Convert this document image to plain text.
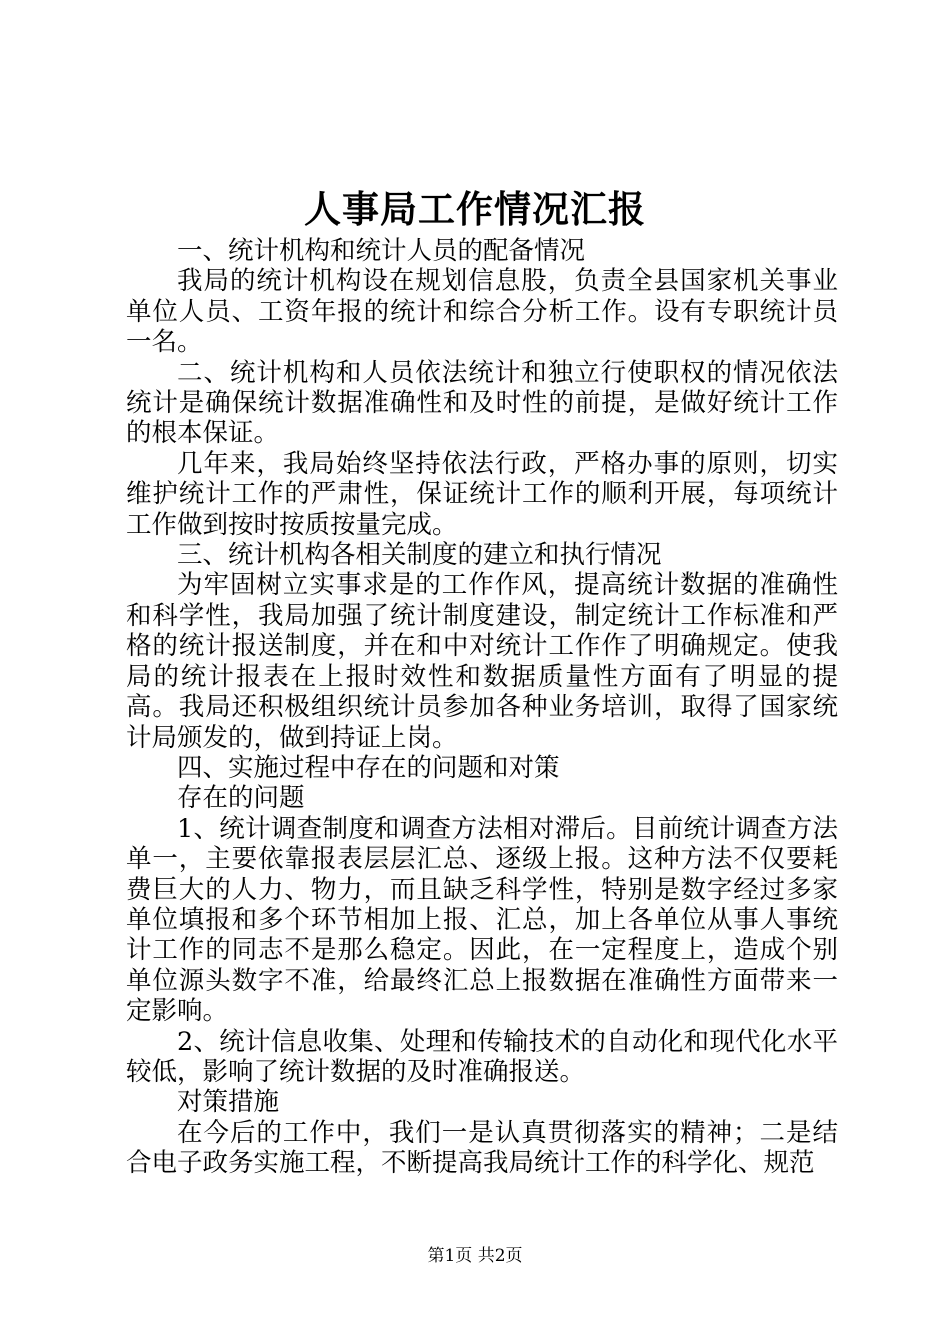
人事局工作情况汇报

一、统计机构和统计人员的配备情况

我局的统计机构设在规划信息股，负责全县国家机关事业单位人员、工资年报的统计和综合分析工作。设有专职统计员一名。

二、统计机构和人员依法统计和独立行使职权的情况依法统计是确保统计数据准确性和及时性的前提，是做好统计工作的根本保证。

几年来，我局始终坚持依法行政，严格办事的原则，切实维护统计工作的严肃性，保证统计工作的顺利开展，每项统计工作做到按时按质按量完成。

三、统计机构各相关制度的建立和执行情况

为牢固树立实事求是的工作作风，提高统计数据的准确性和科学性，我局加强了统计制度建设，制定统计工作标准和严格的统计报送制度，并在和中对统计工作作了明确规定。使我局的统计报表在上报时效性和数据质量性方面有了明显的提高。我局还积极组织统计员参加各种业务培训，取得了国家统计局颁发的，做到持证上岗。

四、实施过程中存在的问题和对策

存在的问题

1、统计调查制度和调查方法相对滞后。目前统计调查方法单一，主要依靠报表层层汇总、逐级上报。这种方法不仅要耗费巨大的人力、物力，而且缺乏科学性，特别是数字经过多家单位填报和多个环节相加上报、汇总，加上各单位从事人事统计工作的同志不是那么稳定。因此，在一定程度上，造成个别单位源头数字不准，给最终汇总上报数据在准确性方面带来一定影响。

2、统计信息收集、处理和传输技术的自动化和现代化水平较低，影响了统计数据的及时准确报送。

对策措施

在今后的工作中，我们一是认真贯彻落实的精神；二是结合电子政务实施工程，不断提高我局统计工作的科学化、规范

第1页 共2页
